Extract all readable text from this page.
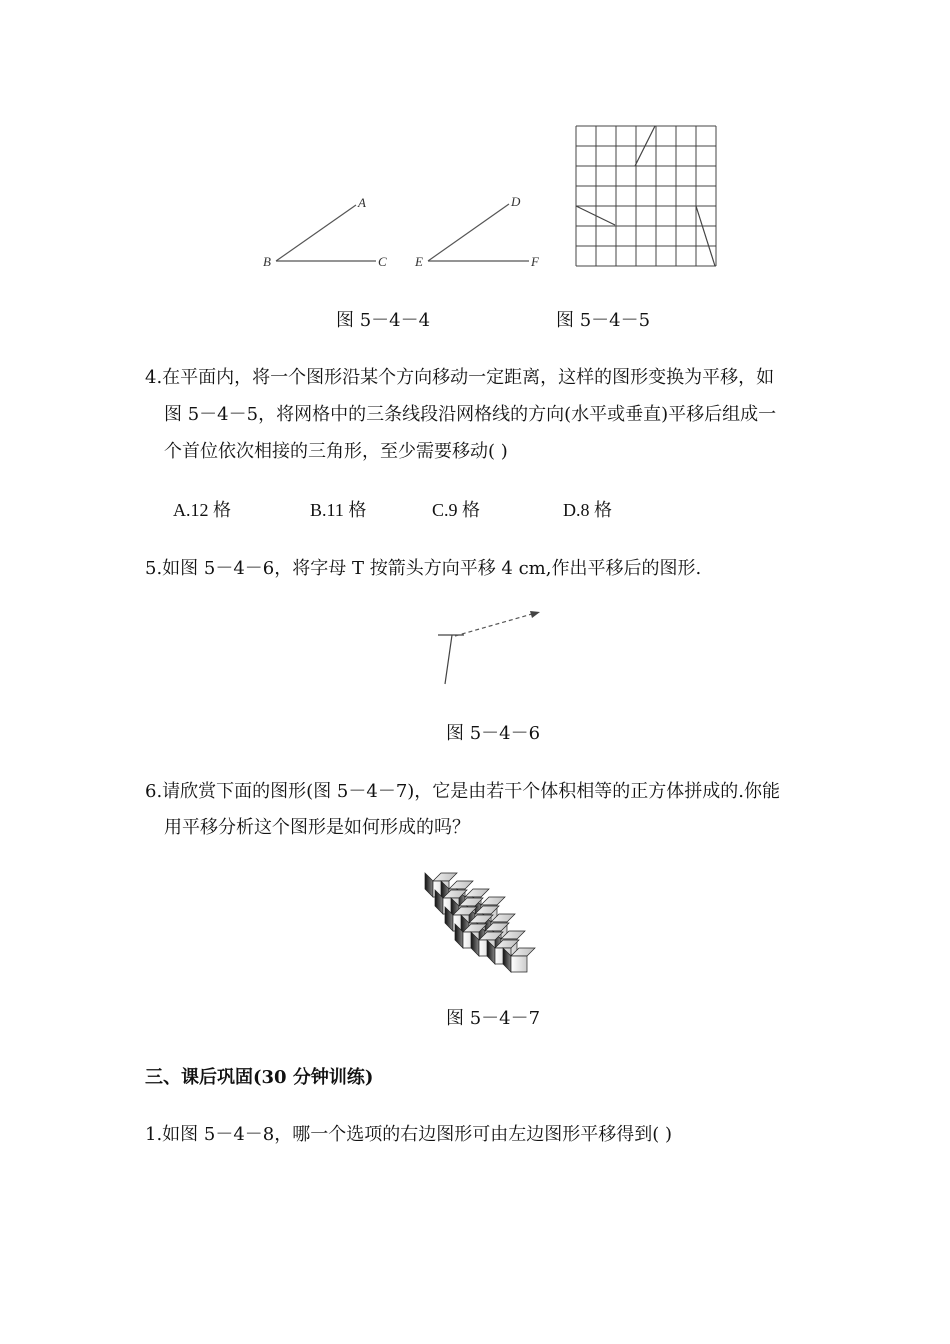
A
B	C
D
E	F
图 5－4－4	图 5－4－5
4.在平面内，将一个图形沿某个方向移动一定距离，这样的图形变换为平移，如
图 5－4－5，将网格中的三条线段沿网格线的方向(水平或垂直)平移后组成一
个首位依次相接的三角形，至少需要移动( )
A.12 格	B.11 格	C.9 格	D.8 格
5.如图 5－4－6，将字母 T 按箭头方向平移 4 cm,作出平移后的图形.
图 5－4－6
6.请欣赏下面的图形(图 5－4－7)，它是由若干个体积相等的正方体拼成的.你能
用平移分析这个图形是如何形成的吗？
图 5－4－7
三、课后巩固(30 分钟训练)
1.如图 5－4－8，哪一个选项的右边图形可由左边图形平移得到( )
